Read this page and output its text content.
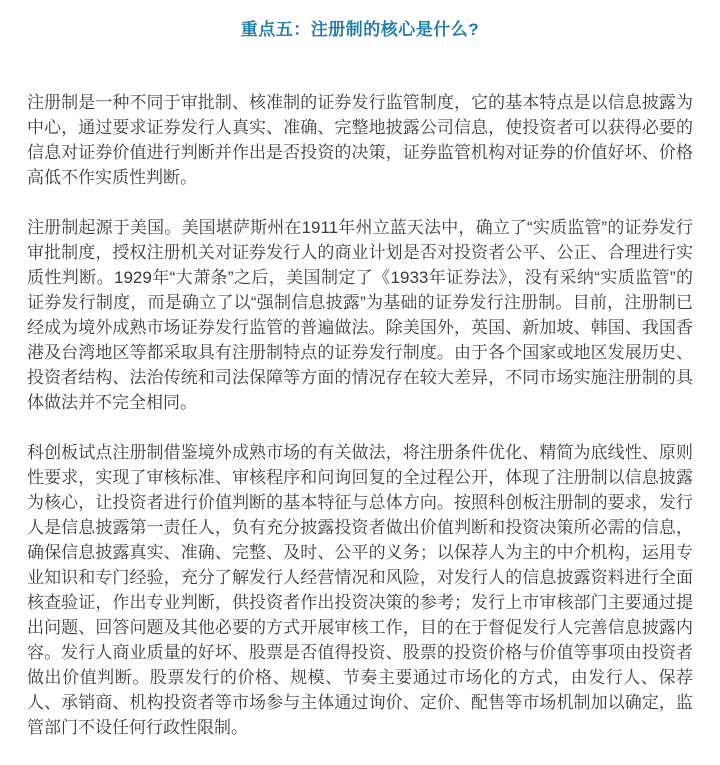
重点五：注册制的核心是什么?

注册制是一种不同于审批制、核准制的证券发行监管制度，它的基本特点是以信息披露为中心，通过要求证券发行人真实、准确、完整地披露公司信息，使投资者可以获得必要的信息对证券价值进行判断并作出是否投资的决策，证券监管机构对证券的价值好坏、价格高低不作实质性判断。

注册制起源于美国。美国堪萨斯州在1911年州立蓝天法中，确立了“实质监管”的证券发行审批制度，授权注册机关对证券发行人的商业计划是否对投资者公平、公正、合理进行实质性判断。1929年“大萧条”之后，美国制定了《1933年证券法》，没有采纳“实质监管”的证券发行制度，而是确立了以“强制信息披露”为基础的证券发行注册制。目前，注册制已经成为境外成熟市场证券发行监管的普遍做法。除美国外，英国、新加坡、韩国、我国香港及台湾地区等都采取具有注册制特点的证券发行制度。由于各个国家或地区发展历史、投资者结构、法治传统和司法保障等方面的情况存在较大差异，不同市场实施注册制的具体做法并不完全相同。

科创板试点注册制借鉴境外成熟市场的有关做法，将注册条件优化、精简为底线性、原则性要求，实现了审核标准、审核程序和问询回复的全过程公开，体现了注册制以信息披露为核心，让投资者进行价值判断的基本特征与总体方向。按照科创板注册制的要求，发行人是信息披露第一责任人，负有充分披露投资者做出价值判断和投资决策所必需的信息，确保信息披露真实、准确、完整、及时、公平的义务；以保荐人为主的中介机构，运用专业知识和专门经验，充分了解发行人经营情况和风险，对发行人的信息披露资料进行全面核查验证，作出专业判断，供投资者作出投资决策的参考；发行上市审核部门主要通过提出问题、回答问题及其他必要的方式开展审核工作，目的在于督促发行人完善信息披露内容。发行人商业质量的好坏、股票是否值得投资、股票的投资价格与价值等事项由投资者做出价值判断。股票发行的价格、规模、节奏主要通过市场化的方式，由发行人、保荐人、承销商、机构投资者等市场参与主体通过询价、定价、配售等市场机制加以确定，监管部门不设任何行政性限制。
